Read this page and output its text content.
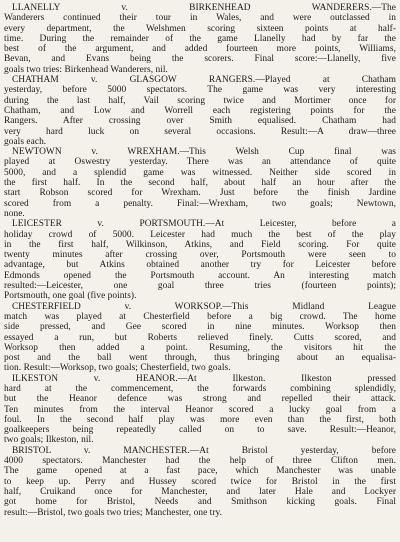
LLANELLY v. BIRKENHEAD WANDERERS.—The
Wanderers continued their tour in Wales, and were outclassed in
every department, the Welshmen scoring sixteen points at half-
time. During the remainder of the game Llanelly had by far the
best of the argument, and added fourteen more points, Williams,
Bevan, and Evans being the scorers. Final score:—Llanelly, five
goals two tries: Birkenhead Wanderers, nil.
CHATHAM v. GLASGOW RANGERS.—Played at Chatham
yesterday, before 5000 spectators. The game was very interesting
during the last half, Vail scoring twice and Mortimer once for
Chatham, and Low and Worrell each registering points for the
Rangers. After crossing over Smith equalised. Chatham had
very hard luck on several occasions. Result:—A draw—three
goals each.
NEWTOWN v. WREXHAM.—This Welsh Cup final was
played at Oswestry yesterday. There was an attendance of quite
5000, and a splendid game was witnessed. Neither side scored in
the first half. In the second half, about half an hour after the
start Robson scored for Wrexham. Just before the finish Jardine
scored from a penalty. Final:—Wrexham, two goals; Newtown,
none.
LEICESTER v. PORTSMOUTH.—At Leicester, before a
holiday crowd of 5000. Leicester had much the best of the play
in the first half, Wilkinson, Atkins, and Field scoring. For quite
twenty minutes after crossing over, Portsmouth were seen to
advantage, but Atkins obtained another try for Leicester before
Edmonds opened the Portsmouth account. An interesting match
resulted:—Leicester, one goal three tries (fourteen points);
Portsmouth, one goal (five points).
CHESTERFIELD v. WORKSOP.—This Midland League
match was played at Chesterfield before a big crowd. The home
side pressed, and Gee scored in nine minutes. Worksop then
essayed a run, but Roberts relieved finely. Cutts scored, and
Worksop then added a point. Resuming, the visitors hit the
post and the ball went through, thus bringing about an equalisa-
tion. Result:—Worksop, two goals; Chesterfield, two goals.
ILKESTON v. HEANOR.—At Ilkeston. Ilkeston pressed
hard at the commencement, the forwards combining splendidly,
but the Heanor defence was strong and repelled their attack.
Ten minutes from the interval Heanor scored a lucky goal from a
foul. In the second half play was more even than the first, both
goalkeepers being repeatedly called on to save. Result:—Heanor,
two goals; Ilkeston, nil.
BRISTOL v. MANCHESTER.—At Bristol yesterday, before
4000 spectators. Manchester had the help of three Clifton men.
The game opened at a fast pace, which Manchester was unable
to keep up. Perry and Hussey scored twice for Bristol in the first
half, Cruikand once for Manchester, and later Hale and Lockyer
got home for Bristol, Needs and Smithson kicking goals. Final
result:—Bristol, two goals two tries; Manchester, one try.
